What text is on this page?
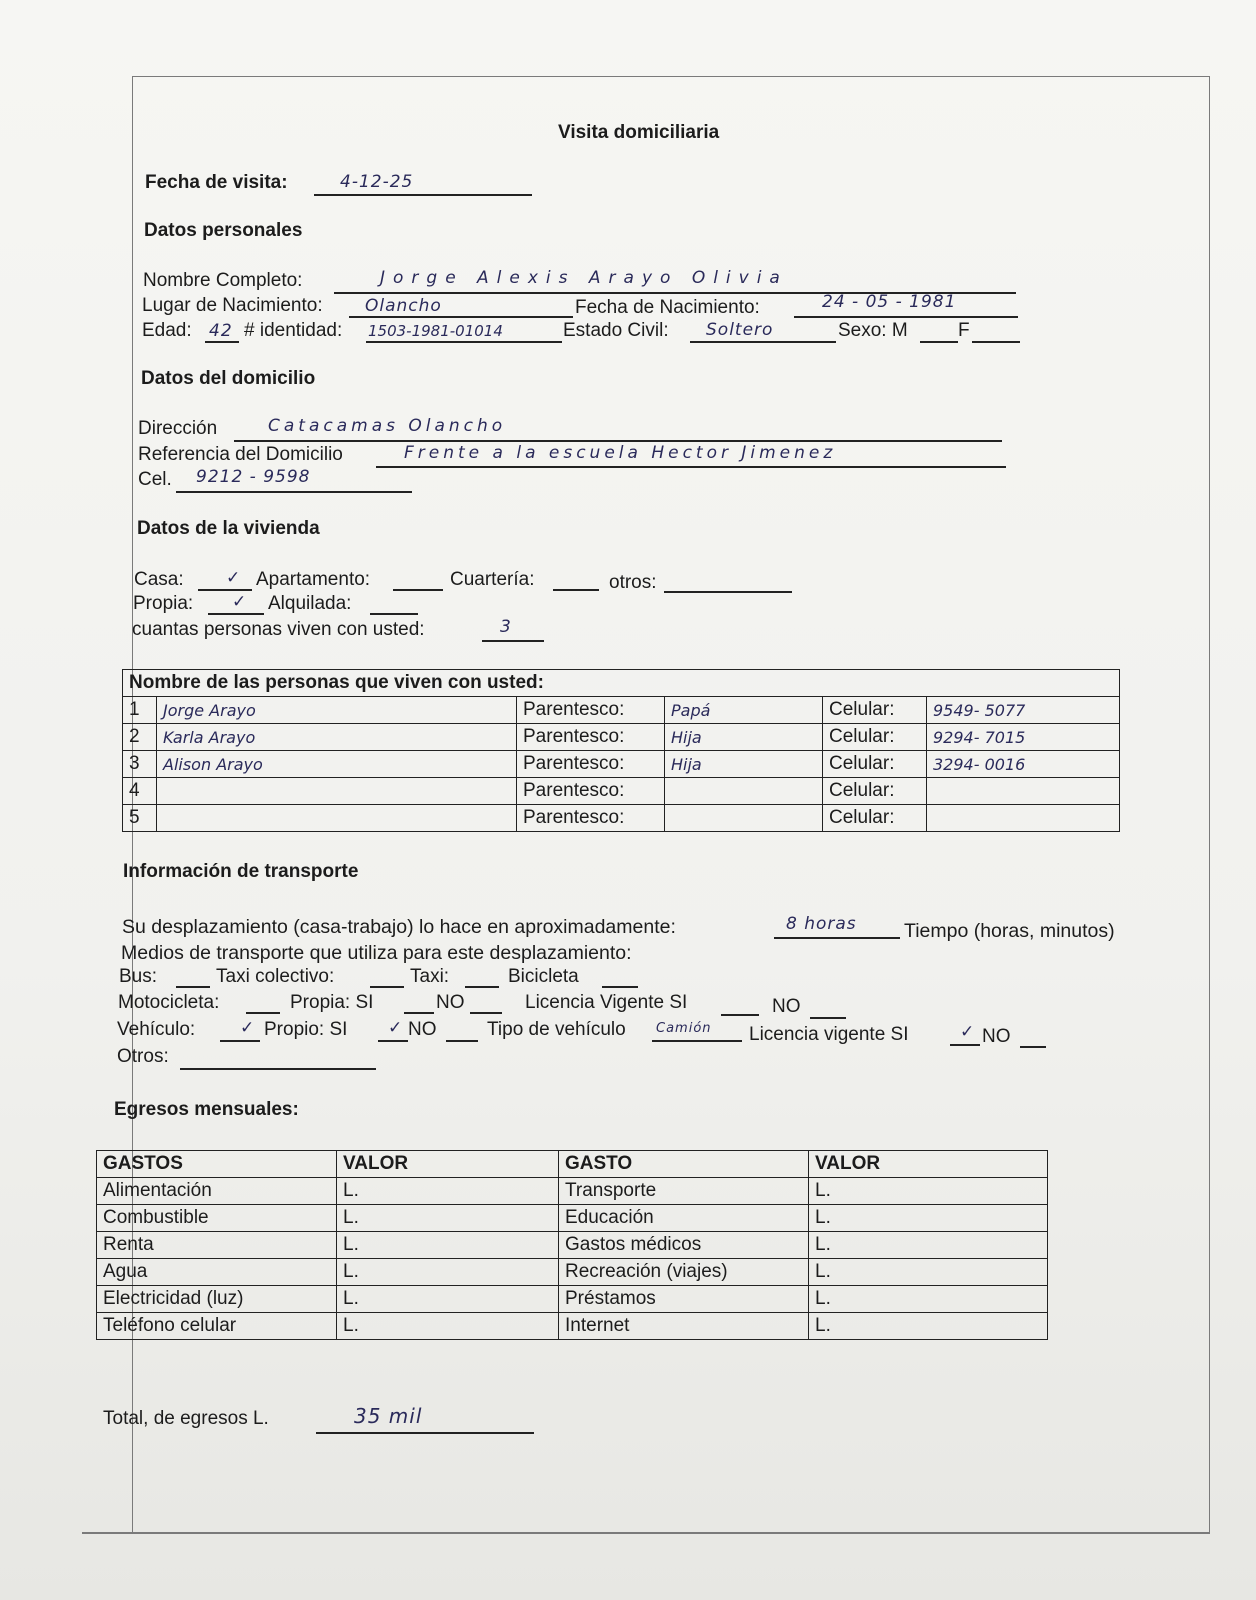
Visita domiciliaria
Fecha de visita:	4-12-25
Datos personales
Nombre Completo:	Jorge Alexis Arayo Olivia
Lugar de Nacimiento: Olancho	Fecha de Nacimiento:	24 - 05 - 1981
Edad: 42 # identidad: 1503-1981-01014	Estado Civil: Soltero	Sexo: M	F
Datos del domicilio
Dirección	Catacamas Olancho
Referencia del Domicilio	Frente a la escuela Hector Jimenez
Cel. 9212 - 9598
Datos de la vivienda
Casa: ✓ Apartamento:	Cuartería:	otros:
Propia: ✓ Alquilada:
cuantas personas viven con usted:	3
Nombre de las personas que viven con usted:					
1	Jorge Arayo	Parentesco:	Papá	Celular:	9549- 5077
2	Karla Arayo	Parentesco:	Hija	Celular:	9294- 7015
3	Alison Arayo	Parentesco:	Hija	Celular:	3294- 0016
4		Parentesco:		Celular:	
5		Parentesco:		Celular:	
Información de transporte
Su desplazamiento (casa-trabajo) lo hace en aproximadamente:	8 horas Tiempo (horas, minutos)
Medios de transporte que utiliza para este desplazamiento:
Bus:	Taxi colectivo:	Taxi:	Bicicleta
Motocicleta:	Propia: SI	NO	Licencia Vigente SI	NO
Vehículo:	✓ Propio: SI ✓ NO	Tipo de vehículo Camión Licencia vigente SI	✓ NO
Otros:
Egresos mensuales:
GASTOS	VALOR	GASTO	VALOR
Alimentación	L.	Transporte	L.
Combustible	L.	Educación	L.
Renta	L.	Gastos médicos	L.
Agua	L.	Recreación (viajes)	L.
Electricidad (luz)	L.	Préstamos	L.
Teléfono celular	L.	Internet	L.
Total, de egresos L.	35 mil
